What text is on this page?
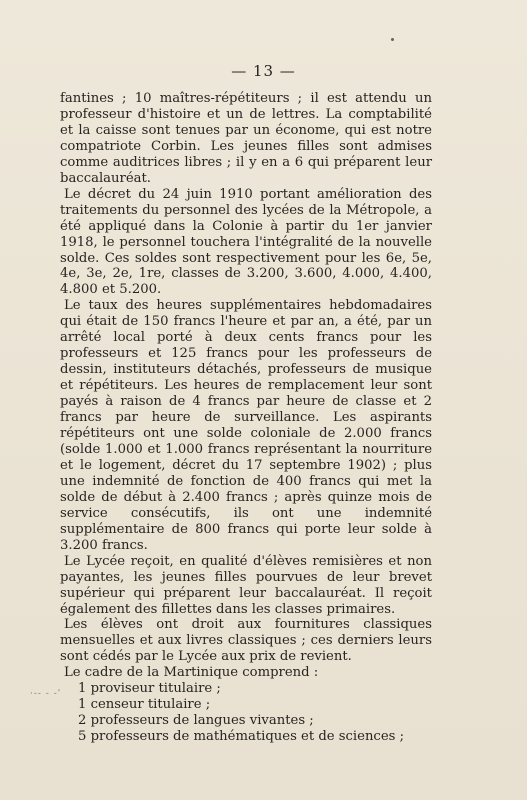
— 13 —
·-- - -'

fantines ; 10 maîtres-répétiteurs ; il est attendu un professeur d'histoire et un de lettres. La comptabilité et la caisse sont tenues par un économe, qui est notre compatriote Corbin. Les jeunes filles sont admises comme auditrices libres ; il y en a 6 qui préparent leur baccalauréat.

Le décret du 24 juin 1910 portant amélioration des traitements du personnel des lycées de la Métropole, a été appliqué dans la Colonie à partir du 1er janvier 1918, le personnel touchera l'intégralité de la nouvelle solde. Ces soldes sont respectivement pour les 6e, 5e, 4e, 3e, 2e, 1re, classes de 3.200, 3.600, 4.000, 4.400, 4.800 et 5.200.

Le taux des heures supplémentaires hebdomadaires qui était de 150 francs l'heure et par an, a été, par un arrêté local porté à deux cents francs pour les professeurs et 125 francs pour les professeurs de dessin, instituteurs détachés, professeurs de musique et répétiteurs. Les heures de remplacement leur sont payés à raison de 4 francs par heure de classe et 2 francs par heure de surveillance. Les aspirants répétiteurs ont une solde coloniale de 2.000 francs (solde 1.000 et 1.000 francs représentant la nourriture et le logement, décret du 17 septembre 1902) ; plus une indemnité de fonction de 400 francs qui met la solde de début à 2.400 francs ; après quinze mois de service consécutifs, ils ont une indemnité supplémentaire de 800 francs qui porte leur solde à 3.200 francs.

Le Lycée reçoit, en qualité d'élèves remisières et non payantes, les jeunes filles pourvues de leur brevet supérieur qui préparent leur baccalauréat. Il reçoit également des fillettes dans les classes primaires.

Les élèves ont droit aux fournitures classiques mensuelles et aux livres classiques ; ces derniers leurs sont cédés par le Lycée aux prix de revient.

Le cadre de la Martinique comprend :

1 proviseur titulaire ;
1 censeur titulaire ;
2 professeurs de langues vivantes ;
5 professeurs de mathématiques et de sciences ;
